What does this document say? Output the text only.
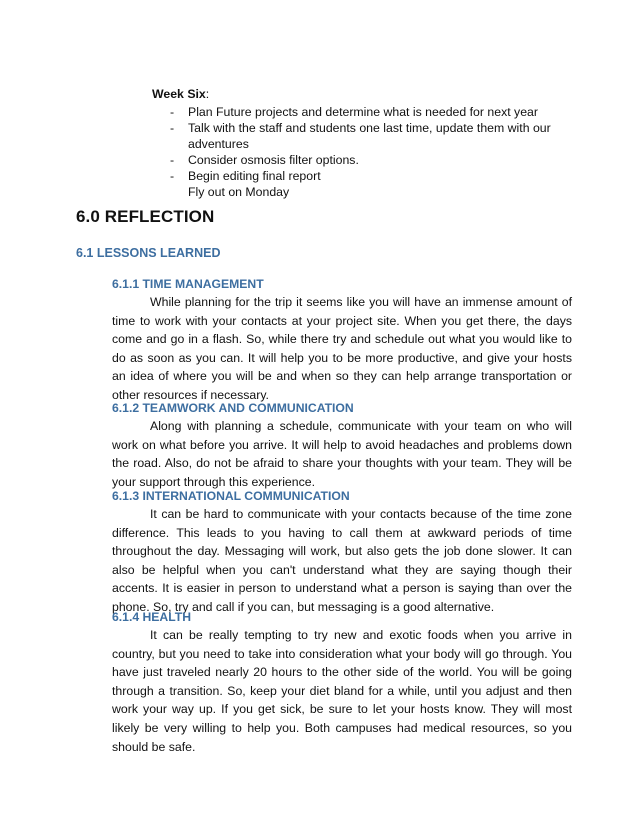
Week Six:
- Plan Future projects and determine what is needed for next year
- Talk with the staff and students one last time, update them with our adventures
- Consider osmosis filter options.
- Begin editing final report
Fly out on Monday
6.0 REFLECTION
6.1 LESSONS LEARNED
6.1.1 TIME MANAGEMENT

While planning for the trip it seems like you will have an immense amount of time to work with your contacts at your project site. When you get there, the days come and go in a flash. So, while there try and schedule out what you would like to do as soon as you can. It will help you to be more productive, and give your hosts an idea of where you will be and when so they can help arrange transportation or other resources if necessary.

6.1.2 TEAMWORK AND COMMUNICATION

Along with planning a schedule, communicate with your team on who will work on what before you arrive. It will help to avoid headaches and problems down the road. Also, do not be afraid to share your thoughts with your team. They will be your support through this experience.

6.1.3 INTERNATIONAL COMMUNICATION

It can be hard to communicate with your contacts because of the time zone difference. This leads to you having to call them at awkward periods of time throughout the day. Messaging will work, but also gets the job done slower. It can also be helpful when you can't understand what they are saying though their accents. It is easier in person to understand what a person is saying than over the phone. So, try and call if you can, but messaging is a good alternative.

6.1.4 HEALTH

It can be really tempting to try new and exotic foods when you arrive in country, but you need to take into consideration what your body will go through. You have just traveled nearly 20 hours to the other side of the world. You will be going through a transition. So, keep your diet bland for a while, until you adjust and then work your way up. If you get sick, be sure to let your hosts know. They will most likely be very willing to help you. Both campuses had medical resources, so you should be safe.
